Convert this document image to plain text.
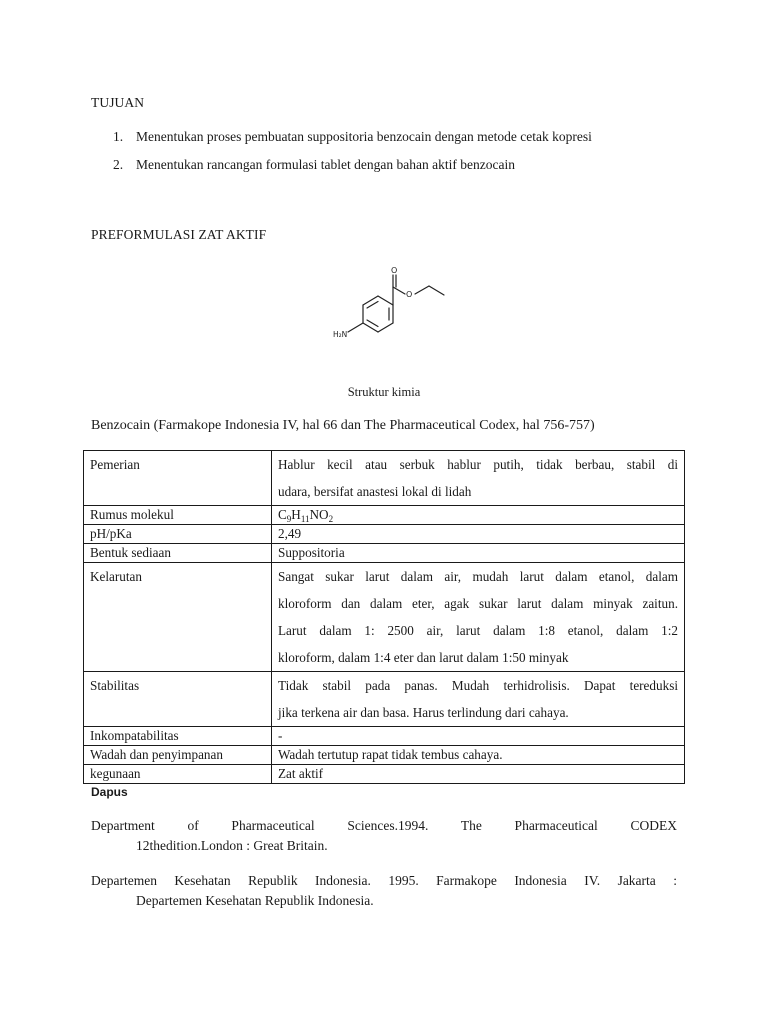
TUJUAN
1. Menentukan proses pembuatan suppositoria benzocain dengan metode cetak kopresi
2. Menentukan rancangan formulasi tablet dengan bahan aktif benzocain
PREFORMULASI ZAT AKTIF
O
O
H₂N
Struktur kimia
Benzocain (Farmakope Indonesia IV, hal 66 dan The Pharmaceutical Codex, hal 756-757)
Pemerian	Hablur kecil atau serbuk hablur putih, tidak berbau, stabil di
udara, bersifat anastesi lokal di lidah

Rumus molekul	$C_9H_{11}NO_2$
pH/pKa	2,49
Bentuk sediaan	Suppositoria
Kelarutan	Sangat sukar larut dalam air, mudah larut dalam etanol, dalam
kloroform dan dalam eter, agak sukar larut dalam minyak zaitun.
Larut dalam 1: 2500 air, larut dalam 1:8 etanol, dalam 1:2
kloroform, dalam 1:4 eter dan larut dalam 1:50 minyak

Stabilitas	Tidak stabil pada panas. Mudah terhidrolisis. Dapat tereduksi
jika terkena air dan basa. Harus terlindung dari cahaya.

Inkompatabilitas	-
Wadah dan penyimpanan	Wadah tertutup rapat tidak tembus cahaya.
kegunaan	Zat aktif
Dapus
Department of Pharmaceutical Sciences.1994. The Pharmaceutical CODEX
12thedition.London : Great Britain.
Departemen Kesehatan Republik Indonesia. 1995. Farmakope Indonesia IV. Jakarta :
Departemen Kesehatan Republik Indonesia.
